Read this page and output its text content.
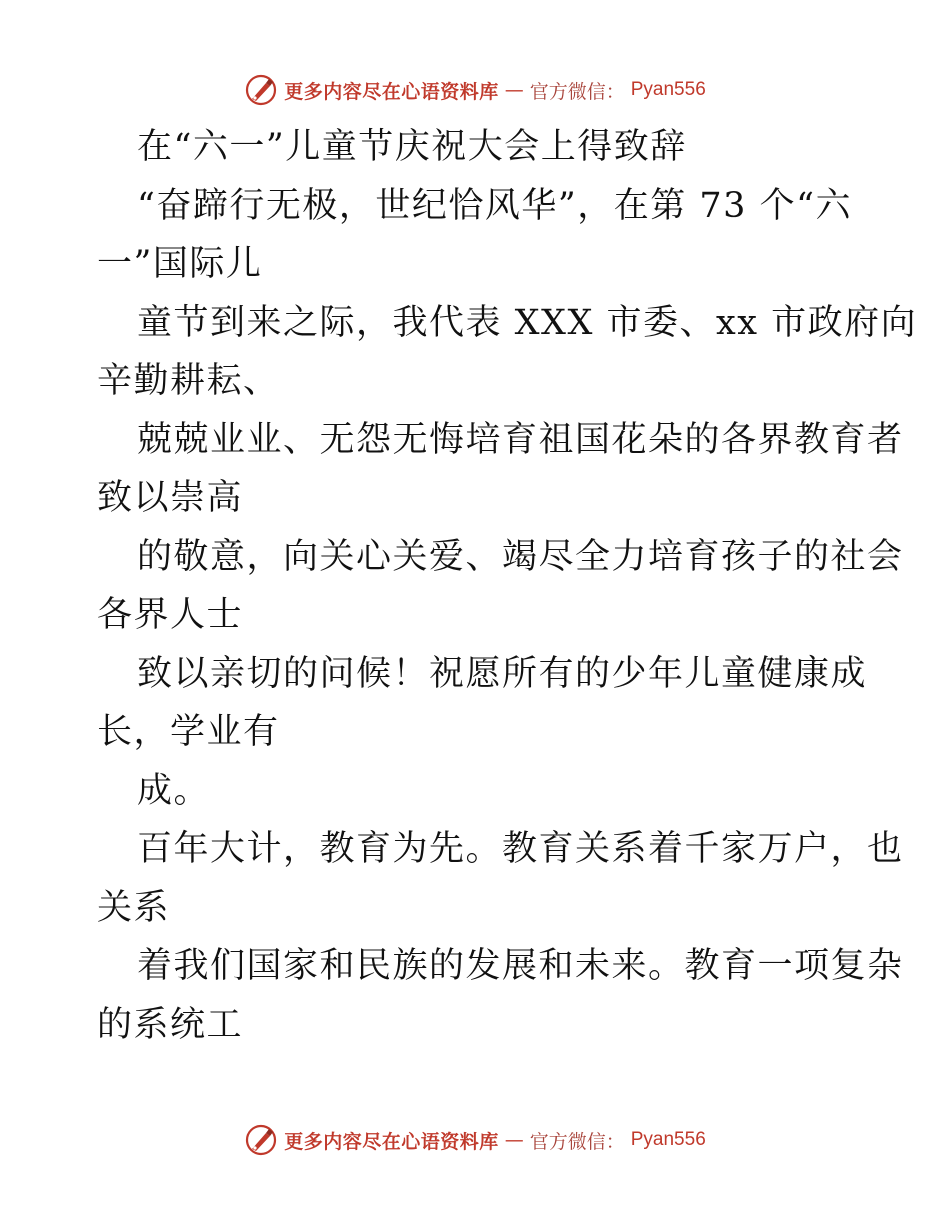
更多内容尽在心语资料库 — 官方微信： Pyan556
在“六一”儿童节庆祝大会上得致辞
“奋蹄行无极，世纪恰风华”，在第 73 个“六
一”国际儿
童节到来之际，我代表 XXX 市委、xx 市政府向
辛勤耕耘、
兢兢业业、无怨无悔培育祖国花朵的各界教育者
致以崇高
的敬意，向关心关爱、竭尽全力培育孩子的社会
各界人士
致以亲切的问候！祝愿所有的少年儿童健康成
长，学业有
成。
百年大计，教育为先。教育关系着千家万户，也
关系
着我们国家和民族的发展和未来。教育一项复杂
的系统工
更多内容尽在心语资料库 — 官方微信： Pyan556
